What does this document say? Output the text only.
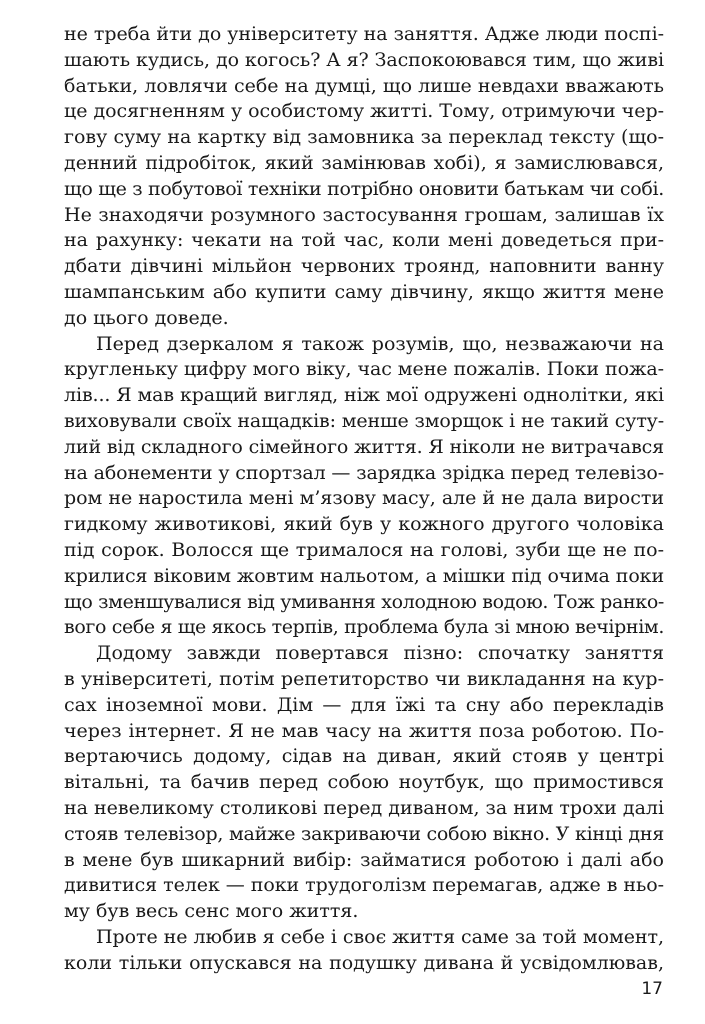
не треба йти до університету на заняття. Адже люди поспі-
шають кудись, до когось? А я? Заспокоювався тим, що живі
батьки, ловлячи себе на думці, що лише невдахи вважають
це досягненням у особистому житті. Тому, отримуючи чер-
гову суму на картку від замовника за переклад тексту (що-
денний підробіток, який замінював хобі), я замислювався,
що ще з побутової техніки потрібно оновити батькам чи собі.
Не знаходячи розумного застосування грошам, залишав їх
на рахунку: чекати на той час, коли мені доведеться при-
дбати дівчині мільйон червоних троянд, наповнити ванну
шампанським або купити саму дівчину, якщо життя мене
до цього доведе.
Перед дзеркалом я також розумів, що, незважаючи на
кругленьку цифру мого віку, час мене пожалів. Поки пожа-
лів... Я мав кращий вигляд, ніж мої одружені однолітки, які
виховували своїх нащадків: менше зморщок і не такий суту-
лий від складного сімейного життя. Я ніколи не витрачався
на абонементи у спортзал — зарядка зрідка перед телевізо-
ром не наростила мені м’язову масу, але й не дала вирости
гидкому животикові, який був у кожного другого чоловіка
під сорок. Волосся ще трималося на голові, зуби ще не по-
крилися віковим жовтим нальотом, а мішки під очима поки
що зменшувалися від умивання холодною водою. Тож ранко-
вого себе я ще якось терпів, проблема була зі мною вечірнім.
Додому завжди повертався пізно: спочатку заняття
в університеті, потім репетиторство чи викладання на кур-
сах іноземної мови. Дім — для їжі та сну або перекладів
через інтернет. Я не мав часу на життя поза роботою. По-
вертаючись додому, сідав на диван, який стояв у центрі
вітальні, та бачив перед собою ноутбук, що примостився
на невеликому столикові перед диваном, за ним трохи далі
стояв телевізор, майже закриваючи собою вікно. У кінці дня
в мене був шикарний вибір: займатися роботою і далі або
дивитися телек — поки трудоголізм перемагав, адже в ньо-
му був весь сенс мого життя.
Проте не любив я себе і своє життя саме за той момент,
коли тільки опускався на подушку дивана й усвідомлював,
17
